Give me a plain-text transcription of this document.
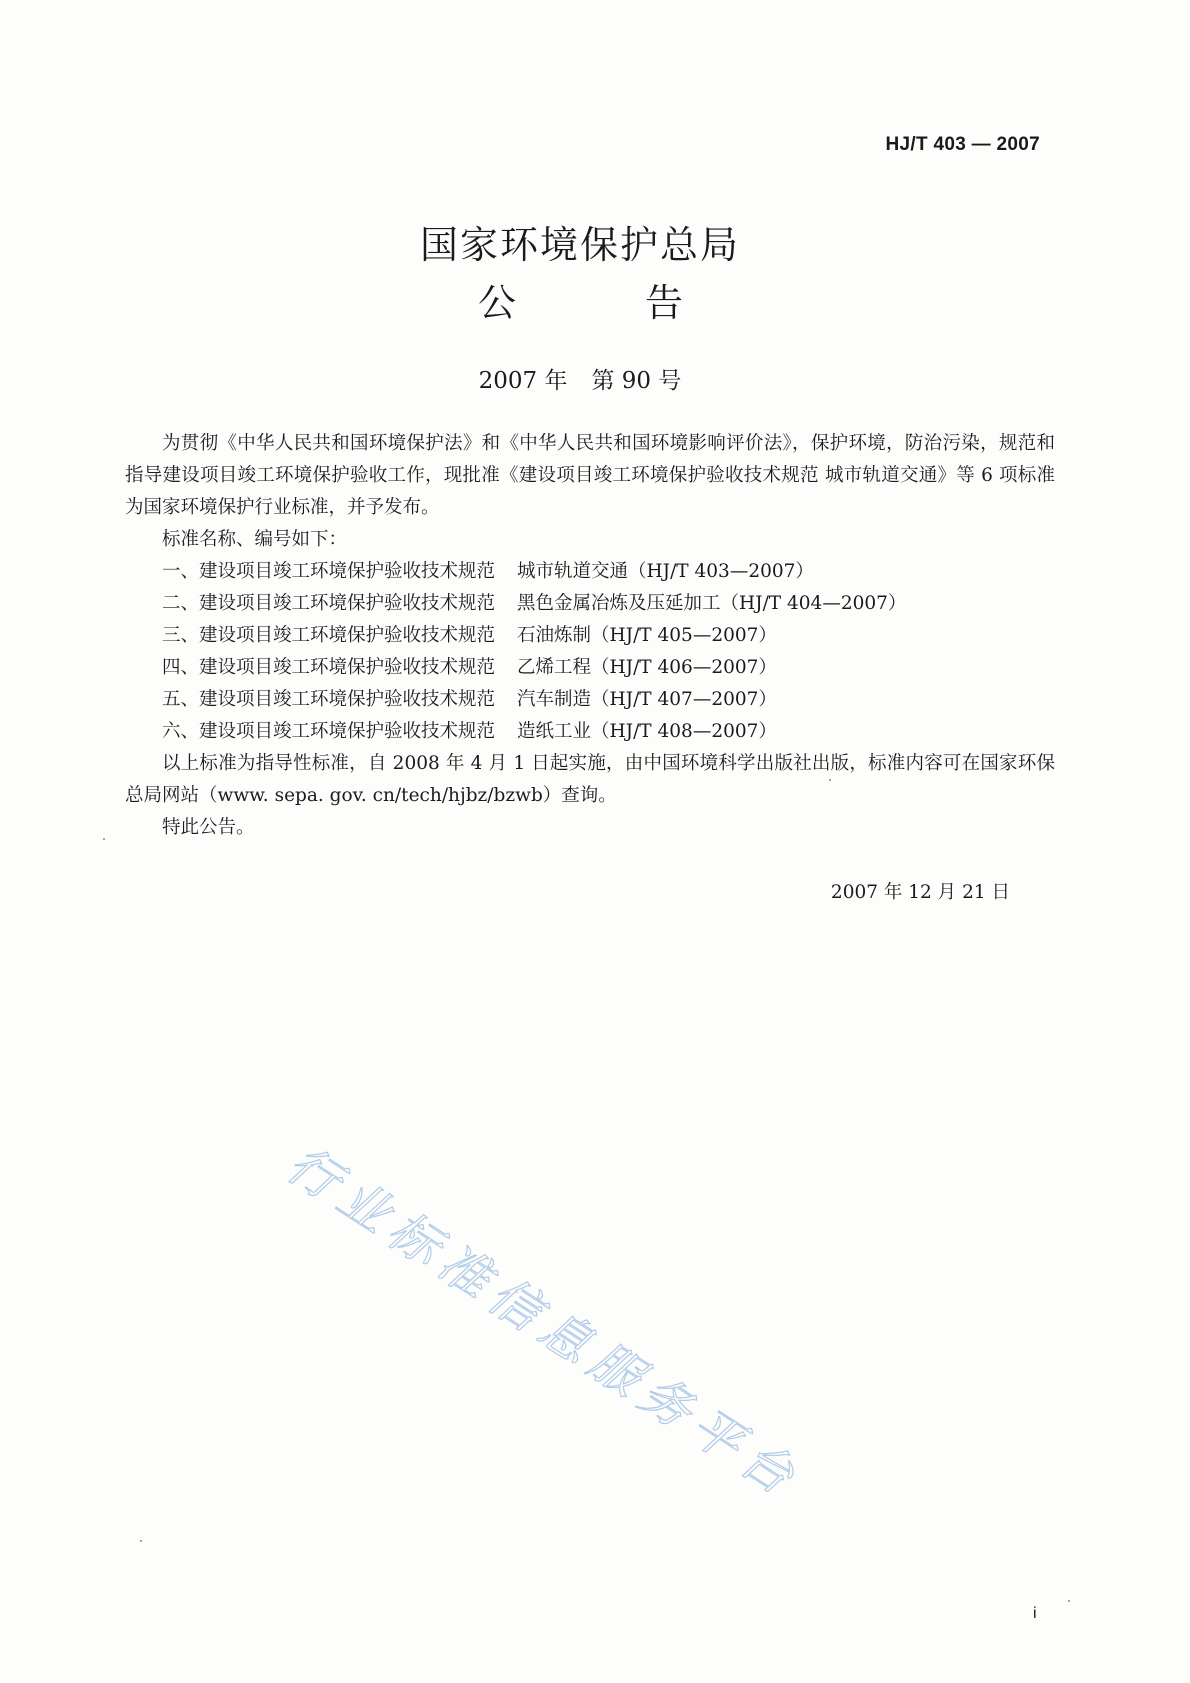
HJ/T 403 — 2007
国家环境保护总局
公	告
2007 年 第 90 号

为贯彻《中华人民共和国环境保护法》和《中华人民共和国环境影响评价法》，保护环境，防治污染，规范和指导建设项目竣工环境保护验收工作，现批准《建设项目竣工环境保护验收技术规范 城市轨道交通》等 6 项标准为国家环境保护行业标准，并予发布。

标准名称、编号如下：

一、建设项目竣工环境保护验收技术规范 城市轨道交通（HJ/T 403—2007）
二、建设项目竣工环境保护验收技术规范 黑色金属冶炼及压延加工（HJ/T 404—2007）
三、建设项目竣工环境保护验收技术规范 石油炼制（HJ/T 405—2007）
四、建设项目竣工环境保护验收技术规范 乙烯工程（HJ/T 406—2007）
五、建设项目竣工环境保护验收技术规范 汽车制造（HJ/T 407—2007）
六、建设项目竣工环境保护验收技术规范 造纸工业（HJ/T 408—2007）

以上标准为指导性标准，自 2008 年 4 月 1 日起实施，由中国环境科学出版社出版，标准内容可在国家环保总局网站（www. sepa. gov. cn/tech/hjbz/bzwb）查询。

特此公告。

2007 年 12 月 21 日
行业标准信息服务平台
i
